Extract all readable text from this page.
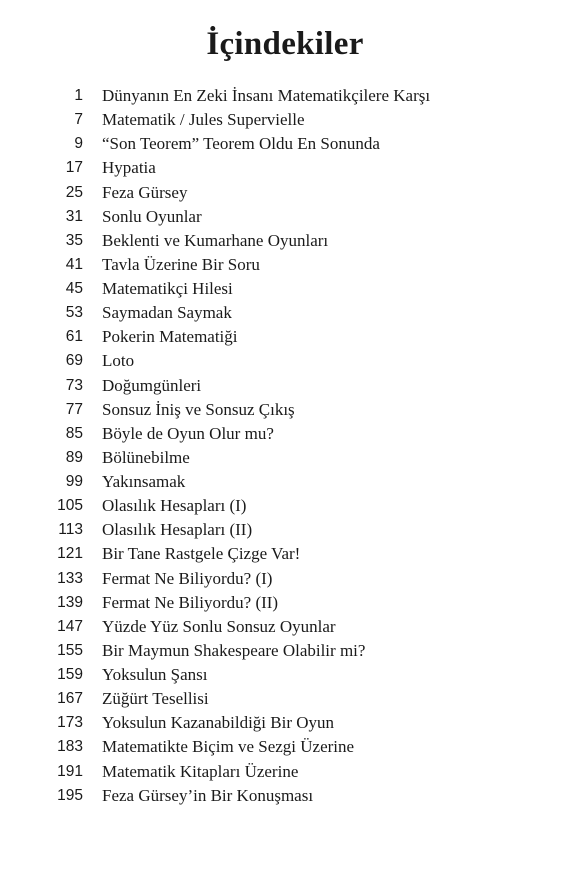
İçindekiler
1 Dünyanın En Zeki İnsanı Matematikçilere Karşı
7 Matematik / Jules Supervielle
9 “Son Teorem” Teorem Oldu En Sonunda
17 Hypatia
25 Feza Gürsey
31 Sonlu Oyunlar
35 Beklenti ve Kumarhane Oyunları
41 Tavla Üzerine Bir Soru
45 Matematikçi Hilesi
53 Saymadan Saymak
61 Pokerin Matematiği
69 Loto
73 Doğumgünleri
77 Sonsuz İniş ve Sonsuz Çıkış
85 Böyle de Oyun Olur mu?
89 Bölünebilme
99 Yakınsamak
105 Olasılık Hesapları (I)
113 Olasılık Hesapları (II)
121 Bir Tane Rastgele Çizge Var!
133 Fermat Ne Biliyordu? (I)
139 Fermat Ne Biliyordu? (II)
147 Yüzde Yüz Sonlu Sonsuz Oyunlar
155 Bir Maymun Shakespeare Olabilir mi?
159 Yoksulun Şansı
167 Züğürt Tesellisi
173 Yoksulun Kazanabildiği Bir Oyun
183 Matematikte Biçim ve Sezgi Üzerine
191 Matematik Kitapları Üzerine
195 Feza Gürsey’in Bir Konuşması
